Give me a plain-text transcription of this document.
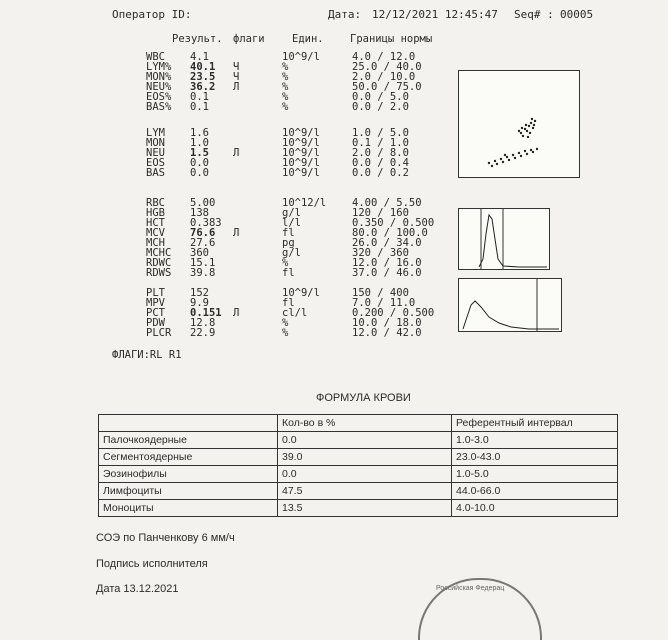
Оператор ID:	Дата: 12/12/2021 12:45:47 Seq# : 00005
Результ. флаги	Един.	Границы нормы
WBC 4.1	10^9/l	4.0 / 12.0
LYM% 40.1 Ч	%	25.0 / 40.0
MON% 23.5 Ч	%	2.0 / 10.0
NEU% 36.2 Л	%	50.0 / 75.0
EOS% 0.1	%	0.0 / 5.0
BAS% 0.1	%	0.0 / 2.0
LYM 1.6	10^9/l	1.0 / 5.0
MON 1.0	10^9/l	0.1 / 1.0
NEU 1.5 Л	10^9/l	2.0 / 8.0
EOS 0.0	10^9/l	0.0 / 0.4
BAS 0.0	10^9/l	0.0 / 0.2
RBC 5.00	10^12/l 4.00 / 5.50
HGB 138	g/l	120 / 160
HCT 0.383	l/l	0.350 / 0.500
MCV 76.6 Л	fl	80.0 / 100.0
MCH 27.6	pg	26.0 / 34.0
MCHC 360	g/l	320 / 360
RDWC 15.1	%	12.0 / 16.0
RDWS 39.8	fl	37.0 / 46.0
PLT 152	10^9/l	150 / 400
MPV 9.9	fl	7.0 / 11.0
PCT 0.151 Л	cl/l	0.200 / 0.500
PDW 12.8	%	10.0 / 18.0
PLCR 22.9	%	12.0 / 42.0
ФЛАГИ:RL R1
ФОРМУЛА КРОВИ
	Кол-во в %	Референтный интервал
Палочкоядерные	0.0	1.0-3.0
Сегментоядерные	39.0	23.0-43.0
Эозинофилы	0.0	1.0-5.0
Лимфоциты	47.5	44.0-66.0
Моноциты	13.5	4.0-10.0
СОЭ по Панченкову 6 мм/ч
Подпись исполнителя
Дата 13.12.2021	Российская Федерац
